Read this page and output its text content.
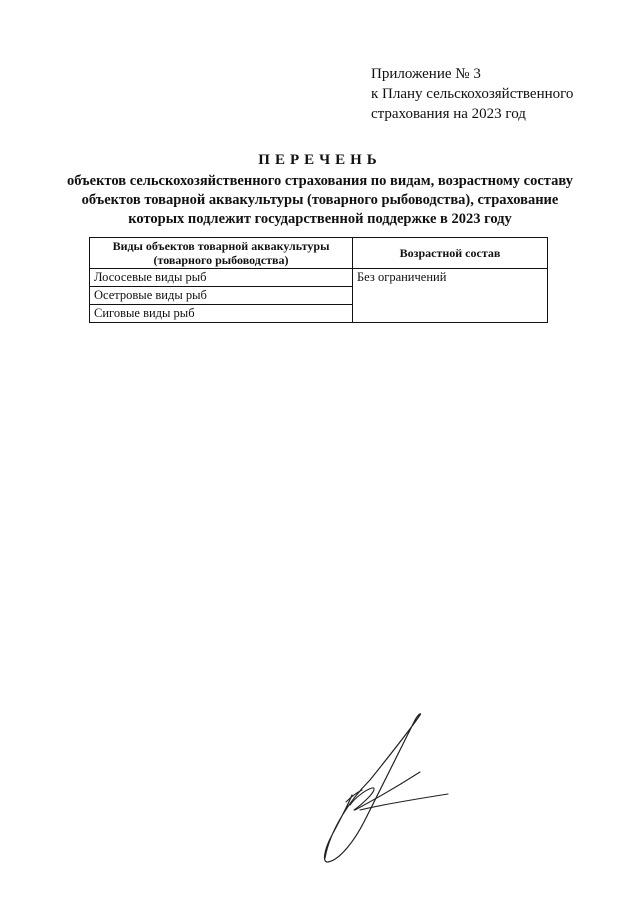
Приложение № 3
к Плану сельскохозяйственного
страхования на 2023 год
ПЕРЕЧЕНЬ
объектов сельскохозяйственного страхования по видам, возрастному составу
объектов товарной аквакультуры (товарного рыбоводства), страхование
которых подлежит государственной поддержке в 2023 году
Виды объектов товарной аквакультуры (товарного рыбоводства)	Возрастной состав
Лососевые виды рыб	Без ограничений
Осетровые виды рыб	
Сиговые виды рыб	
